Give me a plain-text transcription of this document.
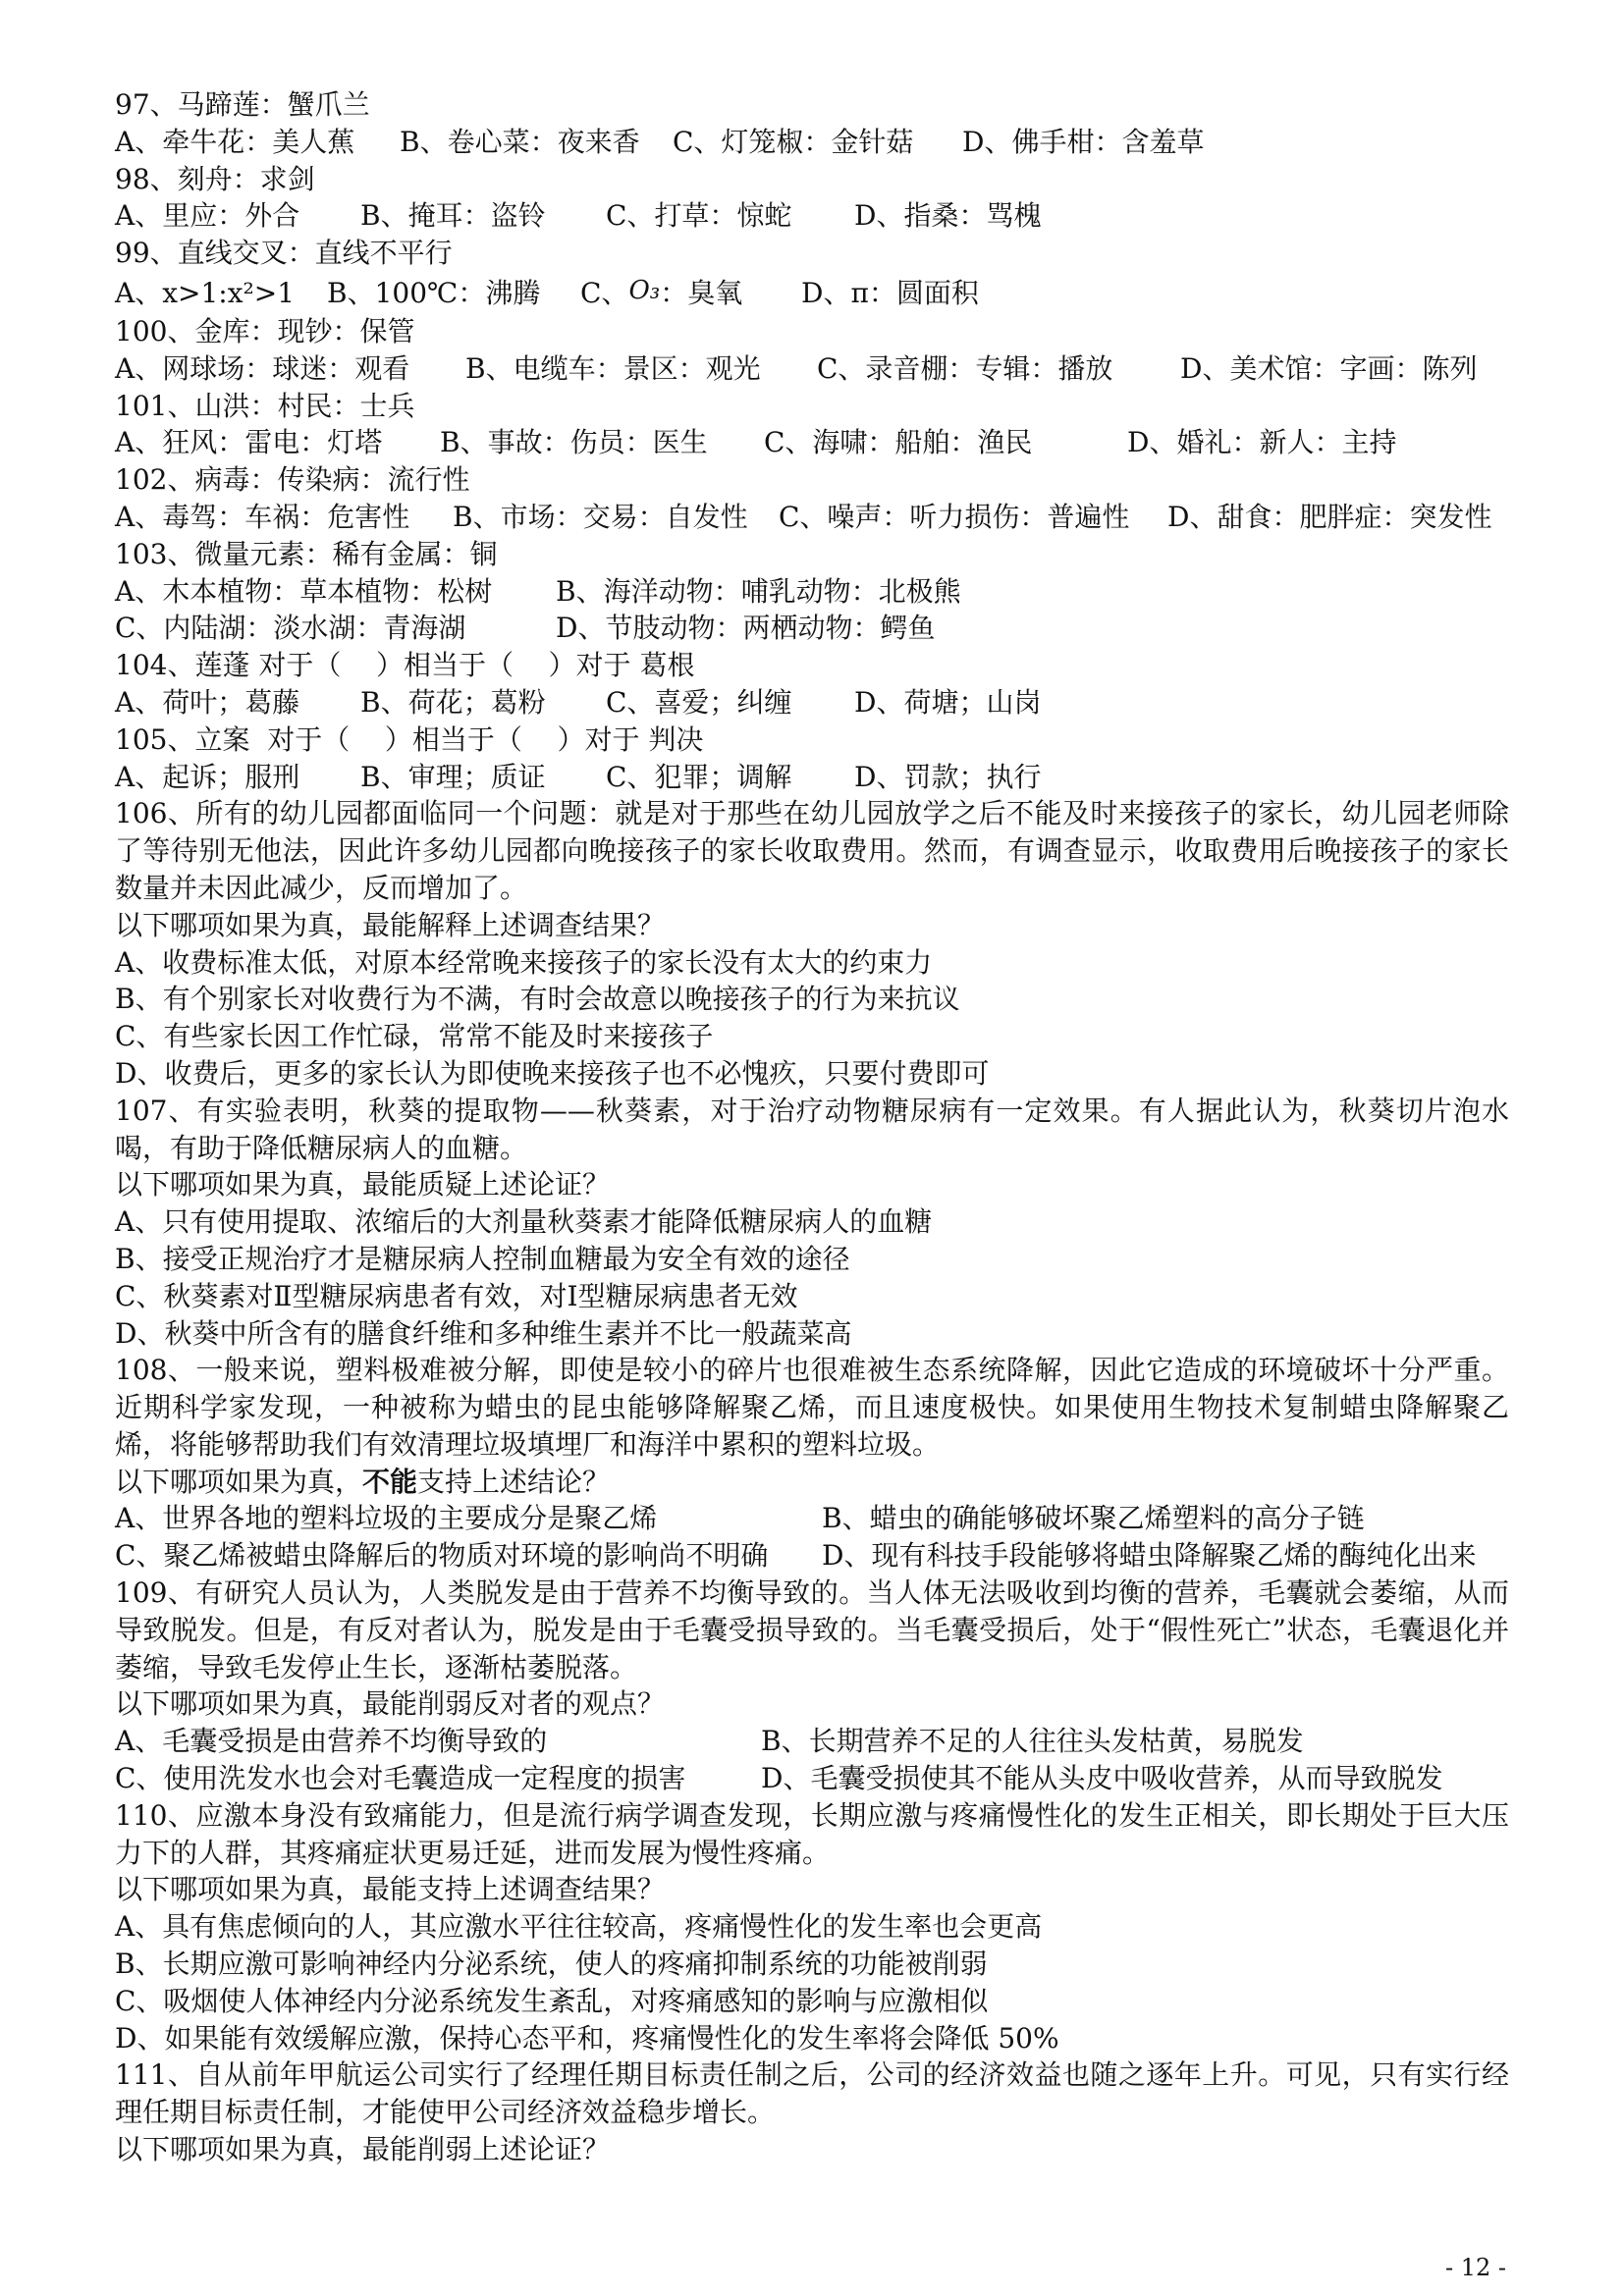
97、马蹄莲：蟹爪兰
A、牵牛花：美人蕉	B、卷心菜：夜来香	C、灯笼椒：金针菇	D、佛手柑：含羞草
98、刻舟：求剑
A、里应：外合	B、掩耳：盗铃	C、打草：惊蛇	D、指桑：骂槐
99、直线交叉：直线不平行
A、x>1:x²>1	B、100℃：沸腾	C、O₃：臭氧	D、π：圆面积
100、金库：现钞：保管
A、网球场：球迷：观看	B、电缆车：景区：观光	C、录音棚：专辑：播放	D、美术馆：字画：陈列
101、山洪：村民：士兵
A、狂风：雷电：灯塔	B、事故：伤员：医生	C、海啸：船舶：渔民	D、婚礼：新人：主持
102、病毒：传染病：流行性
A、毒驾：车祸：危害性	B、市场：交易：自发性	C、噪声：听力损伤：普遍性	D、甜食：肥胖症：突发性
103、微量元素：稀有金属：铜
A、木本植物：草本植物：松树	B、海洋动物：哺乳动物：北极熊
C、内陆湖：淡水湖：青海湖	D、节肢动物：两栖动物：鳄鱼
104、莲蓬 对于（    ）相当于（    ）对于 葛根
A、荷叶；葛藤	B、荷花；葛粉	C、喜爱；纠缠	D、荷塘；山岗
105、立案  对于（    ）相当于（    ）对于 判决
A、起诉；服刑	B、审理；质证	C、犯罪；调解	D、罚款；执行
106、所有的幼儿园都面临同一个问题：就是对于那些在幼儿园放学之后不能及时来接孩子的家长，幼儿园老师除了等待别无他法，因此许多幼儿园都向晚接孩子的家长收取费用。然而，有调查显示，收取费用后晚接孩子的家长数量并未因此减少，反而增加了。
以下哪项如果为真，最能解释上述调查结果？
A、收费标准太低，对原本经常晚来接孩子的家长没有太大的约束力
B、有个别家长对收费行为不满，有时会故意以晚接孩子的行为来抗议
C、有些家长因工作忙碌，常常不能及时来接孩子
D、收费后，更多的家长认为即使晚来接孩子也不必愧疚，只要付费即可
107、有实验表明，秋葵的提取物——秋葵素，对于治疗动物糖尿病有一定效果。有人据此认为，秋葵切片泡水喝，有助于降低糖尿病人的血糖。
以下哪项如果为真，最能质疑上述论证？
A、只有使用提取、浓缩后的大剂量秋葵素才能降低糖尿病人的血糖
B、接受正规治疗才是糖尿病人控制血糖最为安全有效的途径
C、秋葵素对Ⅱ型糖尿病患者有效，对Ⅰ型糖尿病患者无效
D、秋葵中所含有的膳食纤维和多种维生素并不比一般蔬菜高
108、一般来说，塑料极难被分解，即使是较小的碎片也很难被生态系统降解，因此它造成的环境破坏十分严重。近期科学家发现，一种被称为蜡虫的昆虫能够降解聚乙烯，而且速度极快。如果使用生物技术复制蜡虫降解聚乙烯，将能够帮助我们有效清理垃圾填埋厂和海洋中累积的塑料垃圾。
以下哪项如果为真，不能支持上述结论？
A、世界各地的塑料垃圾的主要成分是聚乙烯	B、蜡虫的确能够破坏聚乙烯塑料的高分子链
C、聚乙烯被蜡虫降解后的物质对环境的影响尚不明确	D、现有科技手段能够将蜡虫降解聚乙烯的酶纯化出来
109、有研究人员认为，人类脱发是由于营养不均衡导致的。当人体无法吸收到均衡的营养，毛囊就会萎缩，从而导致脱发。但是，有反对者认为，脱发是由于毛囊受损导致的。当毛囊受损后，处于“假性死亡”状态，毛囊退化并萎缩，导致毛发停止生长，逐渐枯萎脱落。
以下哪项如果为真，最能削弱反对者的观点？
A、毛囊受损是由营养不均衡导致的	B、长期营养不足的人往往头发枯黄，易脱发
C、使用洗发水也会对毛囊造成一定程度的损害	D、毛囊受损使其不能从头皮中吸收营养，从而导致脱发
110、应激本身没有致痛能力，但是流行病学调查发现，长期应激与疼痛慢性化的发生正相关，即长期处于巨大压力下的人群，其疼痛症状更易迁延，进而发展为慢性疼痛。
以下哪项如果为真，最能支持上述调查结果？
A、具有焦虑倾向的人，其应激水平往往较高，疼痛慢性化的发生率也会更高
B、长期应激可影响神经内分泌系统，使人的疼痛抑制系统的功能被削弱
C、吸烟使人体神经内分泌系统发生紊乱，对疼痛感知的影响与应激相似
D、如果能有效缓解应激，保持心态平和，疼痛慢性化的发生率将会降低 50%
111、自从前年甲航运公司实行了经理任期目标责任制之后，公司的经济效益也随之逐年上升。可见，只有实行经理任期目标责任制，才能使甲公司经济效益稳步增长。
以下哪项如果为真，最能削弱上述论证？
- 12 -
